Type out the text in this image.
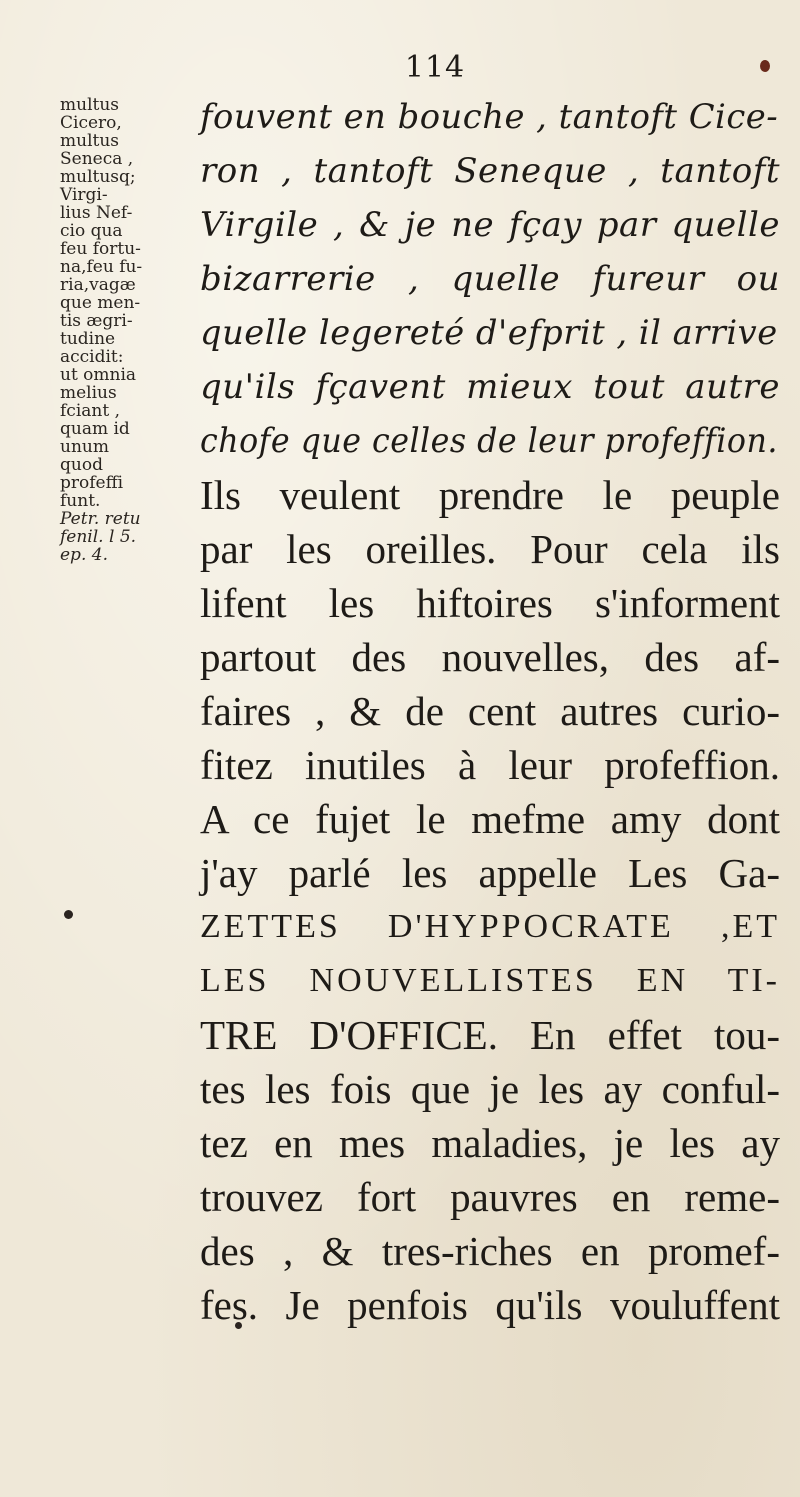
114
multus
Cicero,
multus
Seneca ,
multusq;
Virgi-
lius Nef-
cio qua
feu fortu-
na,feu fu-
ria,vagæ
que men-
tis ægri-
tudine
accidit:
ut omnia
melius
fciant ,
quam id
unum
quod
profeffi
funt.
Petr. retu
fenil. l 5.
ep. 4.
fouvent en bouche , tantoft Cice-
ron , tantoft Seneque , tantoft
Virgile , & je ne fçay par quelle
bizarrerie , quelle fureur ou
quelle legereté d'efprit , il arrive
qu'ils fçavent mieux tout autre
chofe que celles de leur profeffion.
Ils veulent prendre le peuple
par les oreilles. Pour cela ils
lifent les hiftoires s'informent
partout des nouvelles, des af-
faires , & de cent autres curio-
fitez inutiles à leur profeffion.
A ce fujet le mefme amy dont
j'ay parlé les appelle Les Ga-
ZETTES D'HYPPOCRATE ,ET
LES NOUVELLISTES EN TI-
TRE D'OFFICE. En effet tou-
tes les fois que je les ay conful-
tez en mes maladies, je les ay
trouvez fort pauvres en reme-
des , & tres-riches en promef-
fes. Je penfois qu'ils vouluffent
